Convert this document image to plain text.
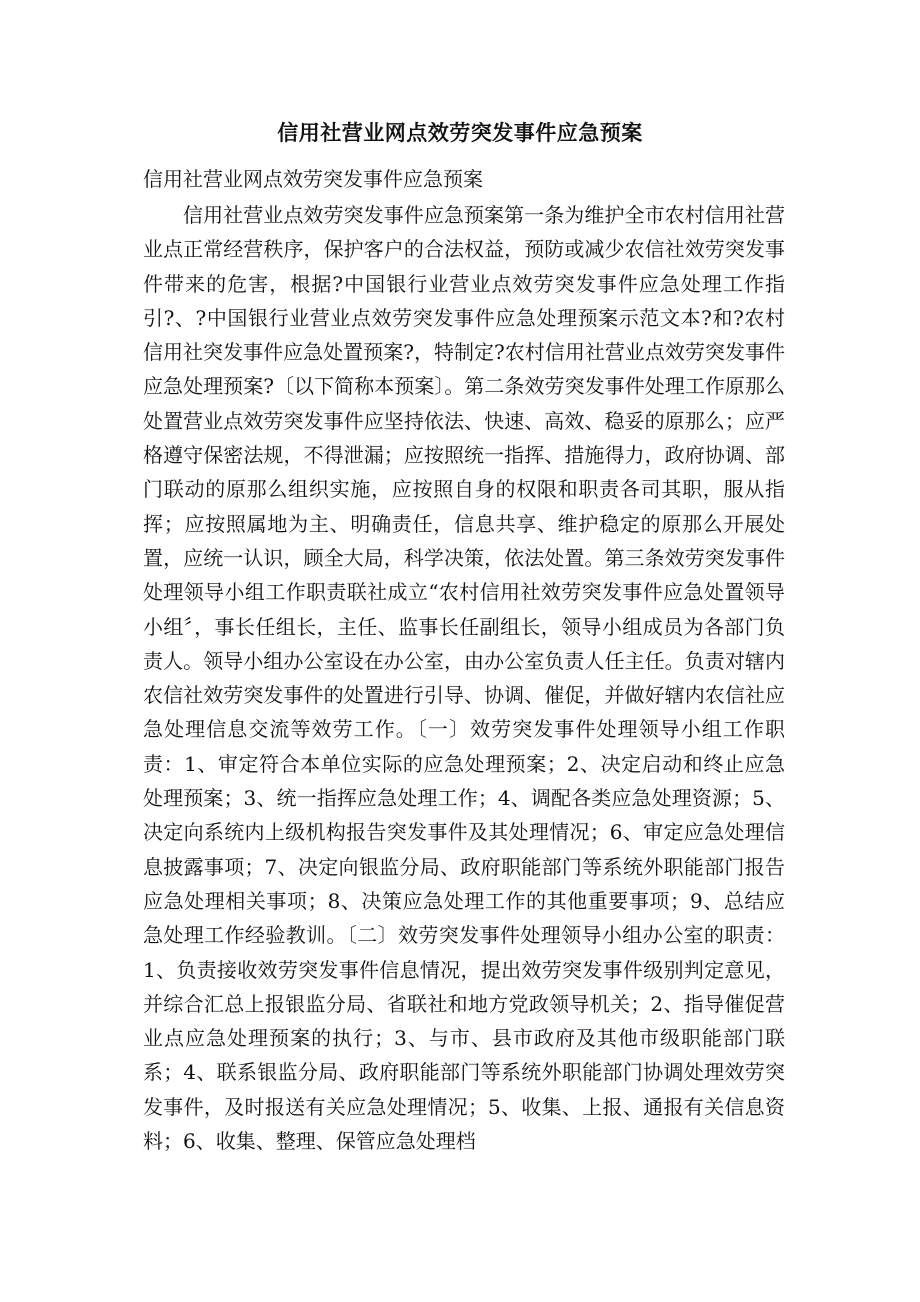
信用社营业网点效劳突发事件应急预案
信用社营业网点效劳突发事件应急预案

信用社营业点效劳突发事件应急预案第一条为维护全市农村信用社营业点正常经营秩序，保护客户的合法权益，预防或减少农信社效劳突发事件带来的危害，根据?中国银行业营业点效劳突发事件应急处理工作指引?、?中国银行业营业点效劳突发事件应急处理预案示范文本?和?农村信用社突发事件应急处置预案?，特制定?农村信用社营业点效劳突发事件应急处理预案?〔以下简称本预案〕。第二条效劳突发事件处理工作原那么处置营业点效劳突发事件应坚持依法、快速、高效、稳妥的原那么；应严格遵守保密法规，不得泄漏；应按照统一指挥、措施得力，政府协调、部门联动的原那么组织实施，应按照自身的权限和职责各司其职，服从指挥；应按照属地为主、明确责任，信息共享、维护稳定的原那么开展处置，应统一认识，顾全大局，科学决策，依法处置。第三条效劳突发事件处理领导小组工作职责联社成立“农村信用社效劳突发事件应急处置领导小组〞，事长任组长，主任、监事长任副组长，领导小组成员为各部门负责人。领导小组办公室设在办公室，由办公室负责人任主任。负责对辖内农信社效劳突发事件的处置进行引导、协调、催促，并做好辖内农信社应急处理信息交流等效劳工作。〔一〕效劳突发事件处理领导小组工作职责：1、审定符合本单位实际的应急处理预案；2、决定启动和终止应急处理预案；3、统一指挥应急处理工作；4、调配各类应急处理资源；5、决定向系统内上级机构报告突发事件及其处理情况；6、审定应急处理信息披露事项；7、决定向银监分局、政府职能部门等系统外职能部门报告应急处理相关事项；8、决策应急处理工作的其他重要事项；9、总结应急处理工作经验教训。〔二〕效劳突发事件处理领导小组办公室的职责：1、负责接收效劳突发事件信息情况，提出效劳突发事件级别判定意见，并综合汇总上报银监分局、省联社和地方党政领导机关；2、指导催促营业点应急处理预案的执行；3、与市、县市政府及其他市级职能部门联系；4、联系银监分局、政府职能部门等系统外职能部门协调处理效劳突发事件，及时报送有关应急处理情况；5、收集、上报、通报有关信息资料；6、收集、整理、保管应急处理档
